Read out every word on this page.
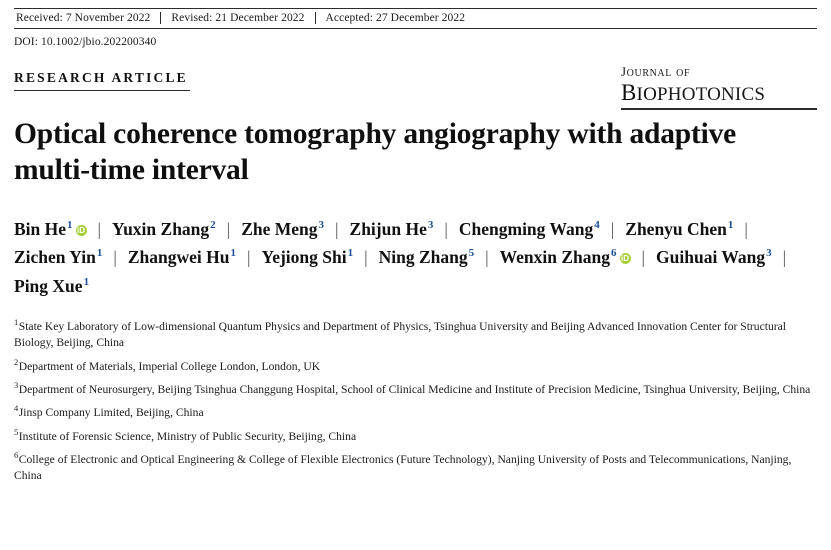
Received: 7 November 2022	Revised: 21 December 2022	Accepted: 27 December 2022
DOI: 10.1002/jbio.202200340
journal of
BIOPHOTONICS
RESEARCH ARTICLE
Optical coherence tomography angiography with adaptive multi-time interval
Bin He$^1$ iD | Yuxin Zhang$^2$ | Zhe Meng$^3$ | Zhijun He$^3$ | Chengming Wang$^4$ | Zhenyu Chen$^1$ |Zichen Yin$^1$ | Zhangwei Hu$^1$ | Yejiong Shi$^1$ | Ning Zhang$^5$ | Wenxin Zhang$^6$ iD | Guihuai Wang$^3$ |Ping Xue$^1$
$^1$State Key Laboratory of Low-dimensional Quantum Physics and Department of Physics, Tsinghua University and Beijing Advanced Innovation Center for Structural Biology, Beijing, China
$^2$Department of Materials, Imperial College London, London, UK
$^3$Department of Neurosurgery, Beijing Tsinghua Changgung Hospital, School of Clinical Medicine and Institute of Precision Medicine, Tsinghua University, Beijing, China
$^4$Jinsp Company Limited, Beijing, China
$^5$Institute of Forensic Science, Ministry of Public Security, Beijing, China
$^6$College of Electronic and Optical Engineering & College of Flexible Electronics (Future Technology), Nanjing University of Posts and Telecommunications, Nanjing, China
